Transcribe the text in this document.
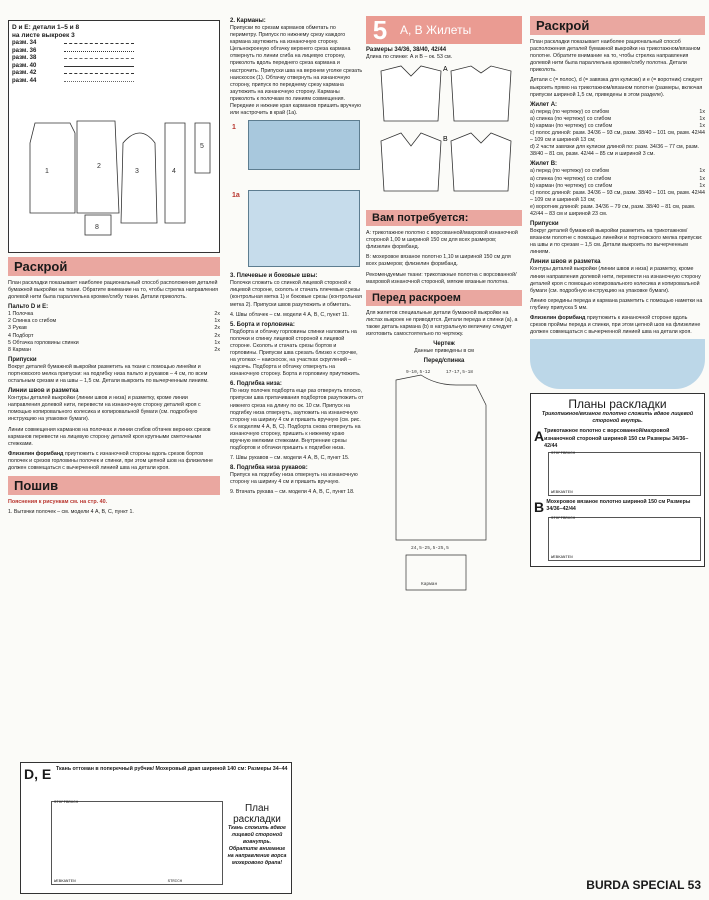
D и E: детали 1–5 и 8
на листе выкроек 3
разм. 34
разм. 36
разм. 38
разм. 40
разм. 42
разм. 44
1
2
3	4
8
5
Раскрой

План раскладки показывает наиболее рациональный способ расположения деталей бумажной выкройки на ткани. Обратите внимание на то, чтобы стрелка направления долевой нити была параллельна кромке/сгибу ткани. Детали приколоть.

Пальто D и E:
1 Полочка	2x
2 Спинка со сгибом	1x
3 Рукав	2x
4 Подборт	2x
5 Обтачка горловины спинки	1x
8 Карман	2x
Припуски

Вокруг деталей бумажной выкройки разметить на ткани с помощью линейки и портновского мелка припуски: на подгибку низа пальто и рукавов – 4 см, по всем остальным срезам и на швы – 1,5 см. Детали выкроить по вычерченным линиям.

Линии швов и разметка

Контуры деталей выкройки (линии швов и низа) и разметку, кроме линии направления долевой нити, перевести на изнаночную сторону деталей кроя с помощью копировального колесика и копировальной бумаги (см. подробную инструкцию на упаковке бумаги).

Линии совмещения карманов на полочках и линии сгибов обтачек верхних срезов карманов перевести на лицевую сторону деталей кроя крупными сметочными стежками.

Флизелин формбанд приутюжить с изнаночной стороны вдоль срезов бортов полочек и срезов горловины полочек и спинки, при этом цепной шов на флизелине должен совмещаться с вычерченной линией шва на детали кроя.

Пошив
Пояснения к рисункам см. на стр. 40.

1. Вытачки полочек – см. модели 4 А, В, С, пункт 1.

2. Карманы:

Припуски по срезам карманов обметать по периметру. Припуск по нижнему срезу каждого кармана заутюжить на изнаночную сторону. Цельнокроеную обтачку верхнего среза кармана отвернуть по линии сгиба на лицевую сторону, приколоть вдоль переднего среза кармана и настрочить. Припуски шва на верхнем уголке срезать наискосок (1). Обтачку отвернуть на изнаночную сторону, припуск по переднему срезу кармана заутюжить на изнаночную сторону. Карманы приколоть к полочкам по линиям совмещения. Передние и нижние края карманов пришить вручную или настрочить в край (1а).

1
1а
3. Плечевые и боковые швы:

Полочки сложить со спинкой лицевой стороной к лицевой стороне, сколоть и стачать плечевые срезы (контрольная метка 1) и боковые срезы (контрольная метка 2). Припуски швов разутюжить и обметать.

4. Швы обтачек – см. модели 4 А, В, С, пункт 11.

5. Борта и горловина:

Подборта и обтачку горловины спинки наложить на полочки и спинку лицевой стороной к лицевой стороне. Сколоть и стачать срезы бортов и горловины. Припуски шва срезать близко к строчке, на уголках – наискосок, на участках скруглений – надсечь. Подборта и обтачку отвернуть на изнаночную сторону. Борта и горловину приутюжить.

6. Подгибка низа:

По низу полочек подборта еще раз отвернуть плоско, припуски шва притачивания подбортов разутюжить от нижнего среза на длину по ок. 10 см. Припуск на подгибку низа отвернуть, заутюжить на изнаночную сторону на ширину 4 см и пришить вручную (см. рис. 6 к моделям 4 А, В, С). Подборта снова отвернуть на изнаночную сторону, пришить к нижнему краю вручную мелкими стежками. Внутренние срезы подбортов и обтачки пришить к подгибке низа.

7. Швы рукавов – см. модели 4 А, В, С, пункт 15.

8. Подгибка низа рукавов:

Припуск на подгибку низа отвернуть на изнаночную сторону на ширину 4 см и пришить вручную.

9. Втачать рукава – см. модели 4 А, В, С, пункт 18.

5	А, В Жилеты
Размеры 34/36, 38/40, 42/44
Длина по спинке: А и В – ок. 53 см.
A
B
Вам потребуется:

А: трикотажное полотно с ворсованной/махровой изнаночной стороной 1,00 м шириной 150 см для всех размеров; флизелин формбанд.

В: мохеровое вязаное полотно 1,10 м шириной 150 см для всех размеров; флизелин формбанд.

Рекомендуемые ткани: трикотажные полотна с ворсованной/махровой изнаночной стороной, мягкие вязаные полотна.

Перед раскроем

Для жилетов специальные детали бумажной выкройки на листах выкроек не приводятся. Детали переда и спинки (а), а также деталь кармана (b) в натуральную величину следует изготовить самостоятельно по чертежу.

Чертеж
Данные приведены в см
Перед/спинка
9-10,5-12	17-17,5-18
24,5-25,5-25,5
Карман
Раскрой

План раскладки показывает наиболее рациональный способ расположения деталей бумажной выкройки на трикотажном/вязаном полотне. Обратите внимание на то, чтобы стрелка направления долевой нити была параллельна кромке/сгибу полотна. Детали приколоть.

Детали с (= полос), d (= завязка для кулиски) и е (= воротник) следует выкроить прямо на трикотажном/вязаном полотне (размеры, включая припуски шириной 1,5 см, приведены в этом разделе).

Жилет А:
а) перед (по чертежу) со сгибом	1x
а) спинка (по чертежу) со сгибом	1x
b) карман (по чертежу) со сгибом	1x
с) полос длиной: разм. 34/36 – 93 см, разм. 38/40 – 101 см, разм. 42/44 – 109 см и шириной 13 см;
d) 2 части завязки для кулиски длиной по: разм. 34/36 – 77 см, разм. 38/40 – 81 см, разм. 42/44 – 85 см и шириной 3 см.
Жилет В:
а) перед (по чертежу) со сгибом	1x
а) спинка (по чертежу) со сгибом	1x
b) карман (по чертежу) со сгибом	1x
с) полос длиной: разм. 34/36 – 93 см, разм. 38/40 – 101 см, разм. 42/44 – 109 см и шириной 13 см;
е) воротник длиной: разм. 34/36 – 79 см, разм. 38/40 – 81 см, разм. 42/44 – 83 см и шириной 23 см.
Припуски

Вокруг деталей бумажной выкройки разметить на трикотажном/вязаном полотне с помощью линейки и портновского мелка припуски: на швы и по срезам – 1,5 см. Детали выкроить по вычерченным линиям.

Линии швов и разметка

Контуры деталей выкройки (линии швов и низа) и разметку, кроме линии направления долевой нити, перевести на изнаночную сторону деталей кроя с помощью копировального колесика и копировальной бумаги (см. подробную инструкцию на упаковке бумаги).

Линию середины переда и кармана разметить с помощью наметки на глубину припуска 5 мм.

Флизелин формбанд приутюжить к изнаночной стороне вдоль срезов проймы переда и спинки, при этом цепной шов на флизелине должен совмещаться с вычерченной линией шва на детали кроя.

Планы раскладки
Трикотажное/вязаное полотно сложить вдвое лицевой стороной внутрь.
A Трикотажное полотно с ворсованной/махровой изнаночной стороной шириной 150 см Размеры 34/36–42/44
STOFFBRUCH
WEBKANTEN
B Мохеровое вязаное полотно шириной 150 см Размеры 34/36–42/44
STOFFBRUCH
WEBKANTEN
D, E Ткань оттоман в поперечный рубчик/ Мохеровый драп шириной 140 см: Размеры 34–44
STOFFBRUCH
WEBKANTEN	STRICH
План раскладки
Ткань сложить вдвое лицевой стороной вовнутрь.
Обратите внимание на направление ворса мохерового драпа!
BURDA SPECIAL 53
